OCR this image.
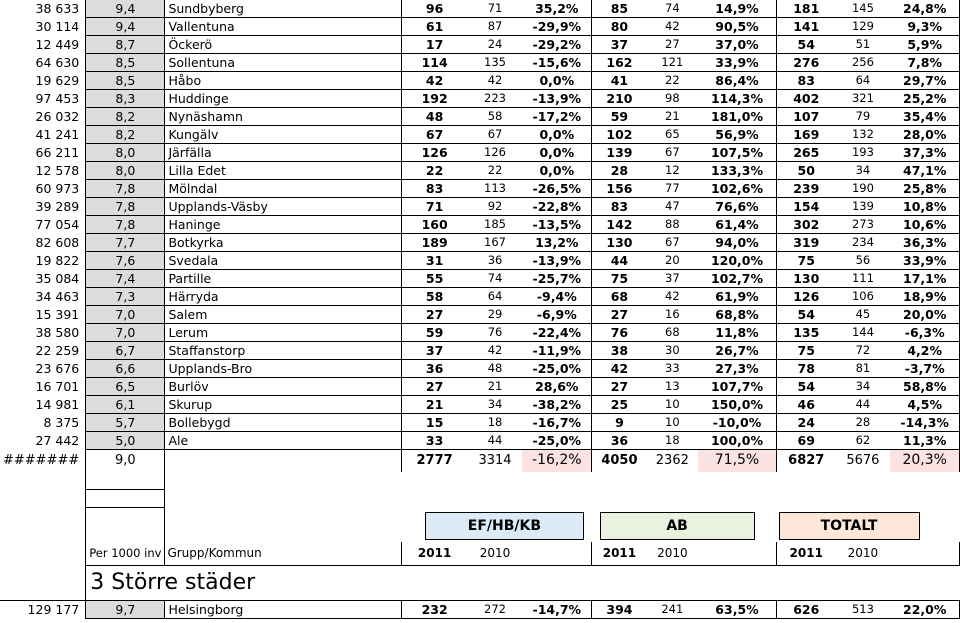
38 633	9,4	Sundbyberg	96	71	35,2%	85	74	14,9%	181	145	24,8%
30 114	9,4	Vallentuna	61	87	-29,9%	80	42	90,5%	141	129	9,3%
12 449	8,7	Öckerö	17	24	-29,2%	37	27	37,0%	54	51	5,9%
64 630	8,5	Sollentuna	114	135	-15,6%	162	121	33,9%	276	256	7,8%
19 629	8,5	Håbo	42	42	0,0%	41	22	86,4%	83	64	29,7%
97 453	8,3	Huddinge	192	223	-13,9%	210	98	114,3%	402	321	25,2%
26 032	8,2	Nynäshamn	48	58	-17,2%	59	21	181,0%	107	79	35,4%
41 241	8,2	Kungälv	67	67	0,0%	102	65	56,9%	169	132	28,0%
66 211	8,0	Järfälla	126	126	0,0%	139	67	107,5%	265	193	37,3%
12 578	8,0	Lilla Edet	22	22	0,0%	28	12	133,3%	50	34	47,1%
60 973	7,8	Mölndal	83	113	-26,5%	156	77	102,6%	239	190	25,8%
39 289	7,8	Upplands-Väsby	71	92	-22,8%	83	47	76,6%	154	139	10,8%
77 054	7,8	Haninge	160	185	-13,5%	142	88	61,4%	302	273	10,6%
82 608	7,7	Botkyrka	189	167	13,2%	130	67	94,0%	319	234	36,3%
19 822	7,6	Svedala	31	36	-13,9%	44	20	120,0%	75	56	33,9%
35 084	7,4	Partille	55	74	-25,7%	75	37	102,7%	130	111	17,1%
34 463	7,3	Härryda	58	64	-9,4%	68	42	61,9%	126	106	18,9%
15 391	7,0	Salem	27	29	-6,9%	27	16	68,8%	54	45	20,0%
38 580	7,0	Lerum	59	76	-22,4%	76	68	11,8%	135	144	-6,3%
22 259	6,7	Staffanstorp	37	42	-11,9%	38	30	26,7%	75	72	4,2%
23 676	6,6	Upplands-Bro	36	48	-25,0%	42	33	27,3%	78	81	-3,7%
16 701	6,5	Burlöv	27	21	28,6%	27	13	107,7%	54	34	58,8%
14 981	6,1	Skurup	21	34	-38,2%	25	10	150,0%	46	44	4,5%
8 375	5,7	Bollebygd	15	18	-16,7%	9	10	-10,0%	24	28	-14,3%
27 442	5,0	Ale	33	44	-25,0%	36	18	100,0%	69	62	11,3%
#######	9,0		2777	3314	-16,2%	4050	2362	71,5%	6827	5676	20,3%

			EF/HB/KB			AB			TOTALT		

	Per 1000 inv	Grupp/Kommun	2011	2010		2011	2010		2011	2010	
	3 Större städer										
129 177	9,7	Helsingborg	232	272	-14,7%	394	241	63,5%	626	513	22,0%
